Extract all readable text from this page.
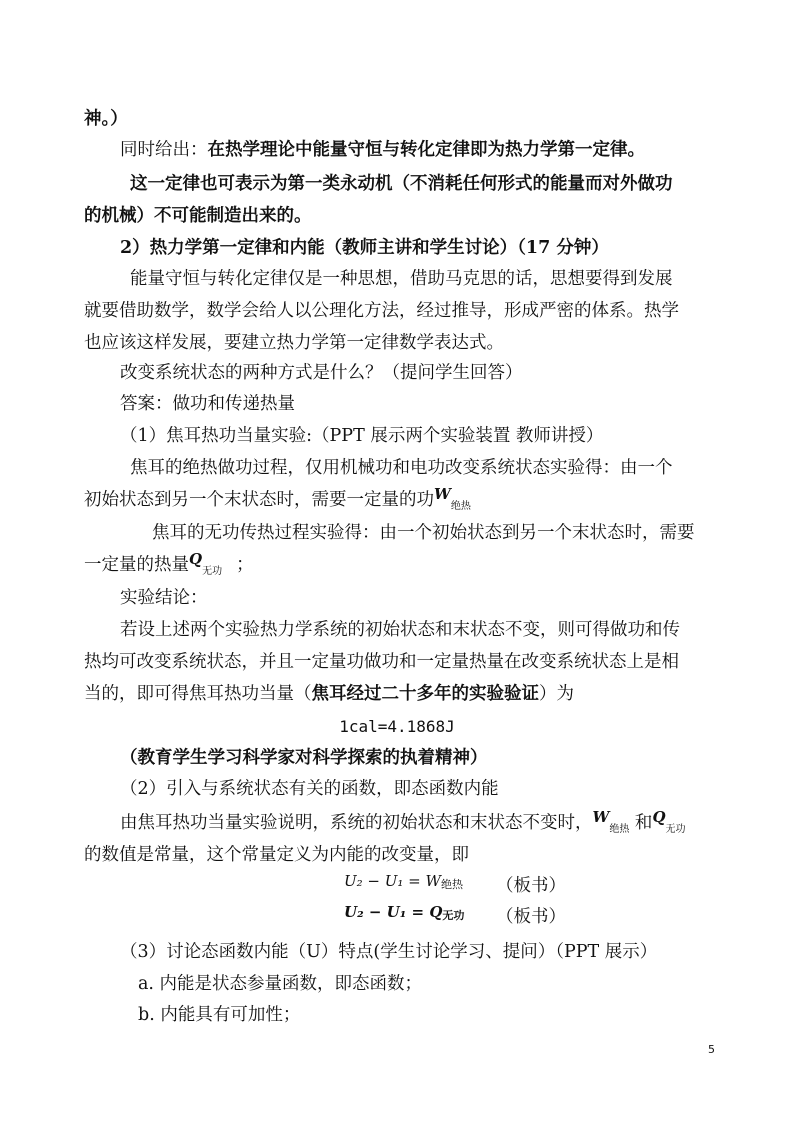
神。）
同时给出：在热学理论中能量守恒与转化定律即为热力学第一定律。
这一定律也可表示为第一类永动机（不消耗任何形式的能量而对外做功
的机械）不可能制造出来的。
2）热力学第一定律和内能（教师主讲和学生讨论）（17 分钟）
能量守恒与转化定律仅是一种思想，借助马克思的话，思想要得到发展
就要借助数学，数学会给人以公理化方法，经过推导，形成严密的体系。热学
也应该这样发展，要建立热力学第一定律数学表达式。
改变系统状态的两种方式是什么？（提问学生回答）
答案：做功和传递热量
（1）焦耳热功当量实验:（PPT 展示两个实验装置 教师讲授）
焦耳的绝热做功过程，仅用机械功和电功改变系统状态实验得：由一个
初始状态到另一个末状态时，需要一定量的功$W_{绝热}$
焦耳的无功传热过程实验得：由一个初始状态到另一个末状态时，需要
一定量的热量$Q_{无功}$ ；
实验结论：
若设上述两个实验热力学系统的初始状态和末状态不变，则可得做功和传
热均可改变系统状态，并且一定量功做功和一定量热量在改变系统状态上是相
当的，即可得焦耳热功当量（焦耳经过二十多年的实验验证）为
1cal=4.1868J
（教育学生学习科学家对科学探索的执着精神）
（2）引入与系统状态有关的函数，即态函数内能
由焦耳热功当量实验说明，系统的初始状态和末状态不变时，$W_{绝热}$ 和$Q_{无功}$
的数值是常量，这个常量定义为内能的改变量，即
U₂ − U₁ = W绝热 （板书）
U₂ − U₁ = Q无功 （板书）
（3）讨论态函数内能（U）特点(学生讨论学习、提问）（PPT 展示）
a. 内能是状态参量函数，即态函数；
b. 内能具有可加性；
5
